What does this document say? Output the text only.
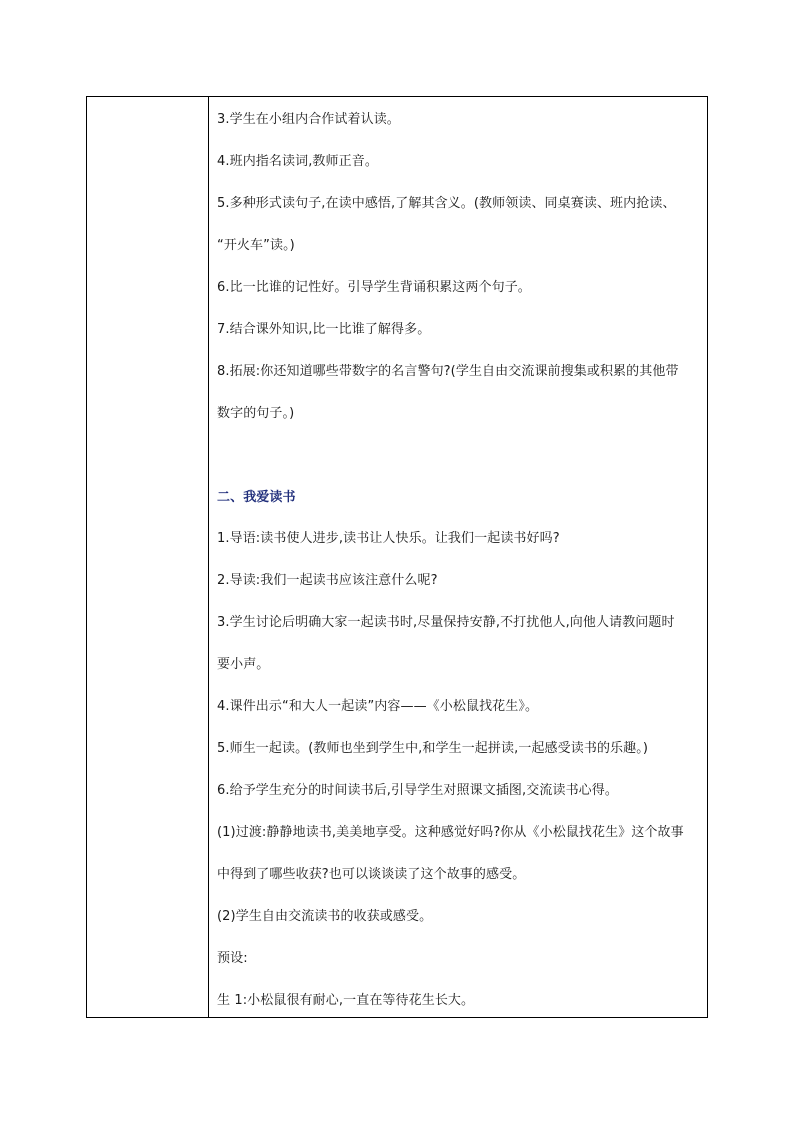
3.学生在小组内合作试着认读。
4.班内指名读词,教师正音。
5.多种形式读句子,在读中感悟,了解其含义。(教师领读、同桌赛读、班内抢读、
“开火车”读。)
6.比一比谁的记性好。引导学生背诵积累这两个句子。
7.结合课外知识,比一比谁了解得多。
8.拓展:你还知道哪些带数字的名言警句?(学生自由交流课前搜集或积累的其他带
数字的句子。)
二、我爱读书
1.导语:读书使人进步,读书让人快乐。让我们一起读书好吗?
2.导读:我们一起读书应该注意什么呢?
3.学生讨论后明确大家一起读书时,尽量保持安静,不打扰他人,向他人请教问题时
要小声。
4.课件出示“和大人一起读”内容——《小松鼠找花生》。
5.师生一起读。(教师也坐到学生中,和学生一起拼读,一起感受读书的乐趣。)
6.给予学生充分的时间读书后,引导学生对照课文插图,交流读书心得。
(1)过渡:静静地读书,美美地享受。这种感觉好吗?你从《小松鼠找花生》这个故事
中得到了哪些收获?也可以谈谈读了这个故事的感受。
(2)学生自由交流读书的收获或感受。
预设:
生 1:小松鼠很有耐心,一直在等待花生长大。
